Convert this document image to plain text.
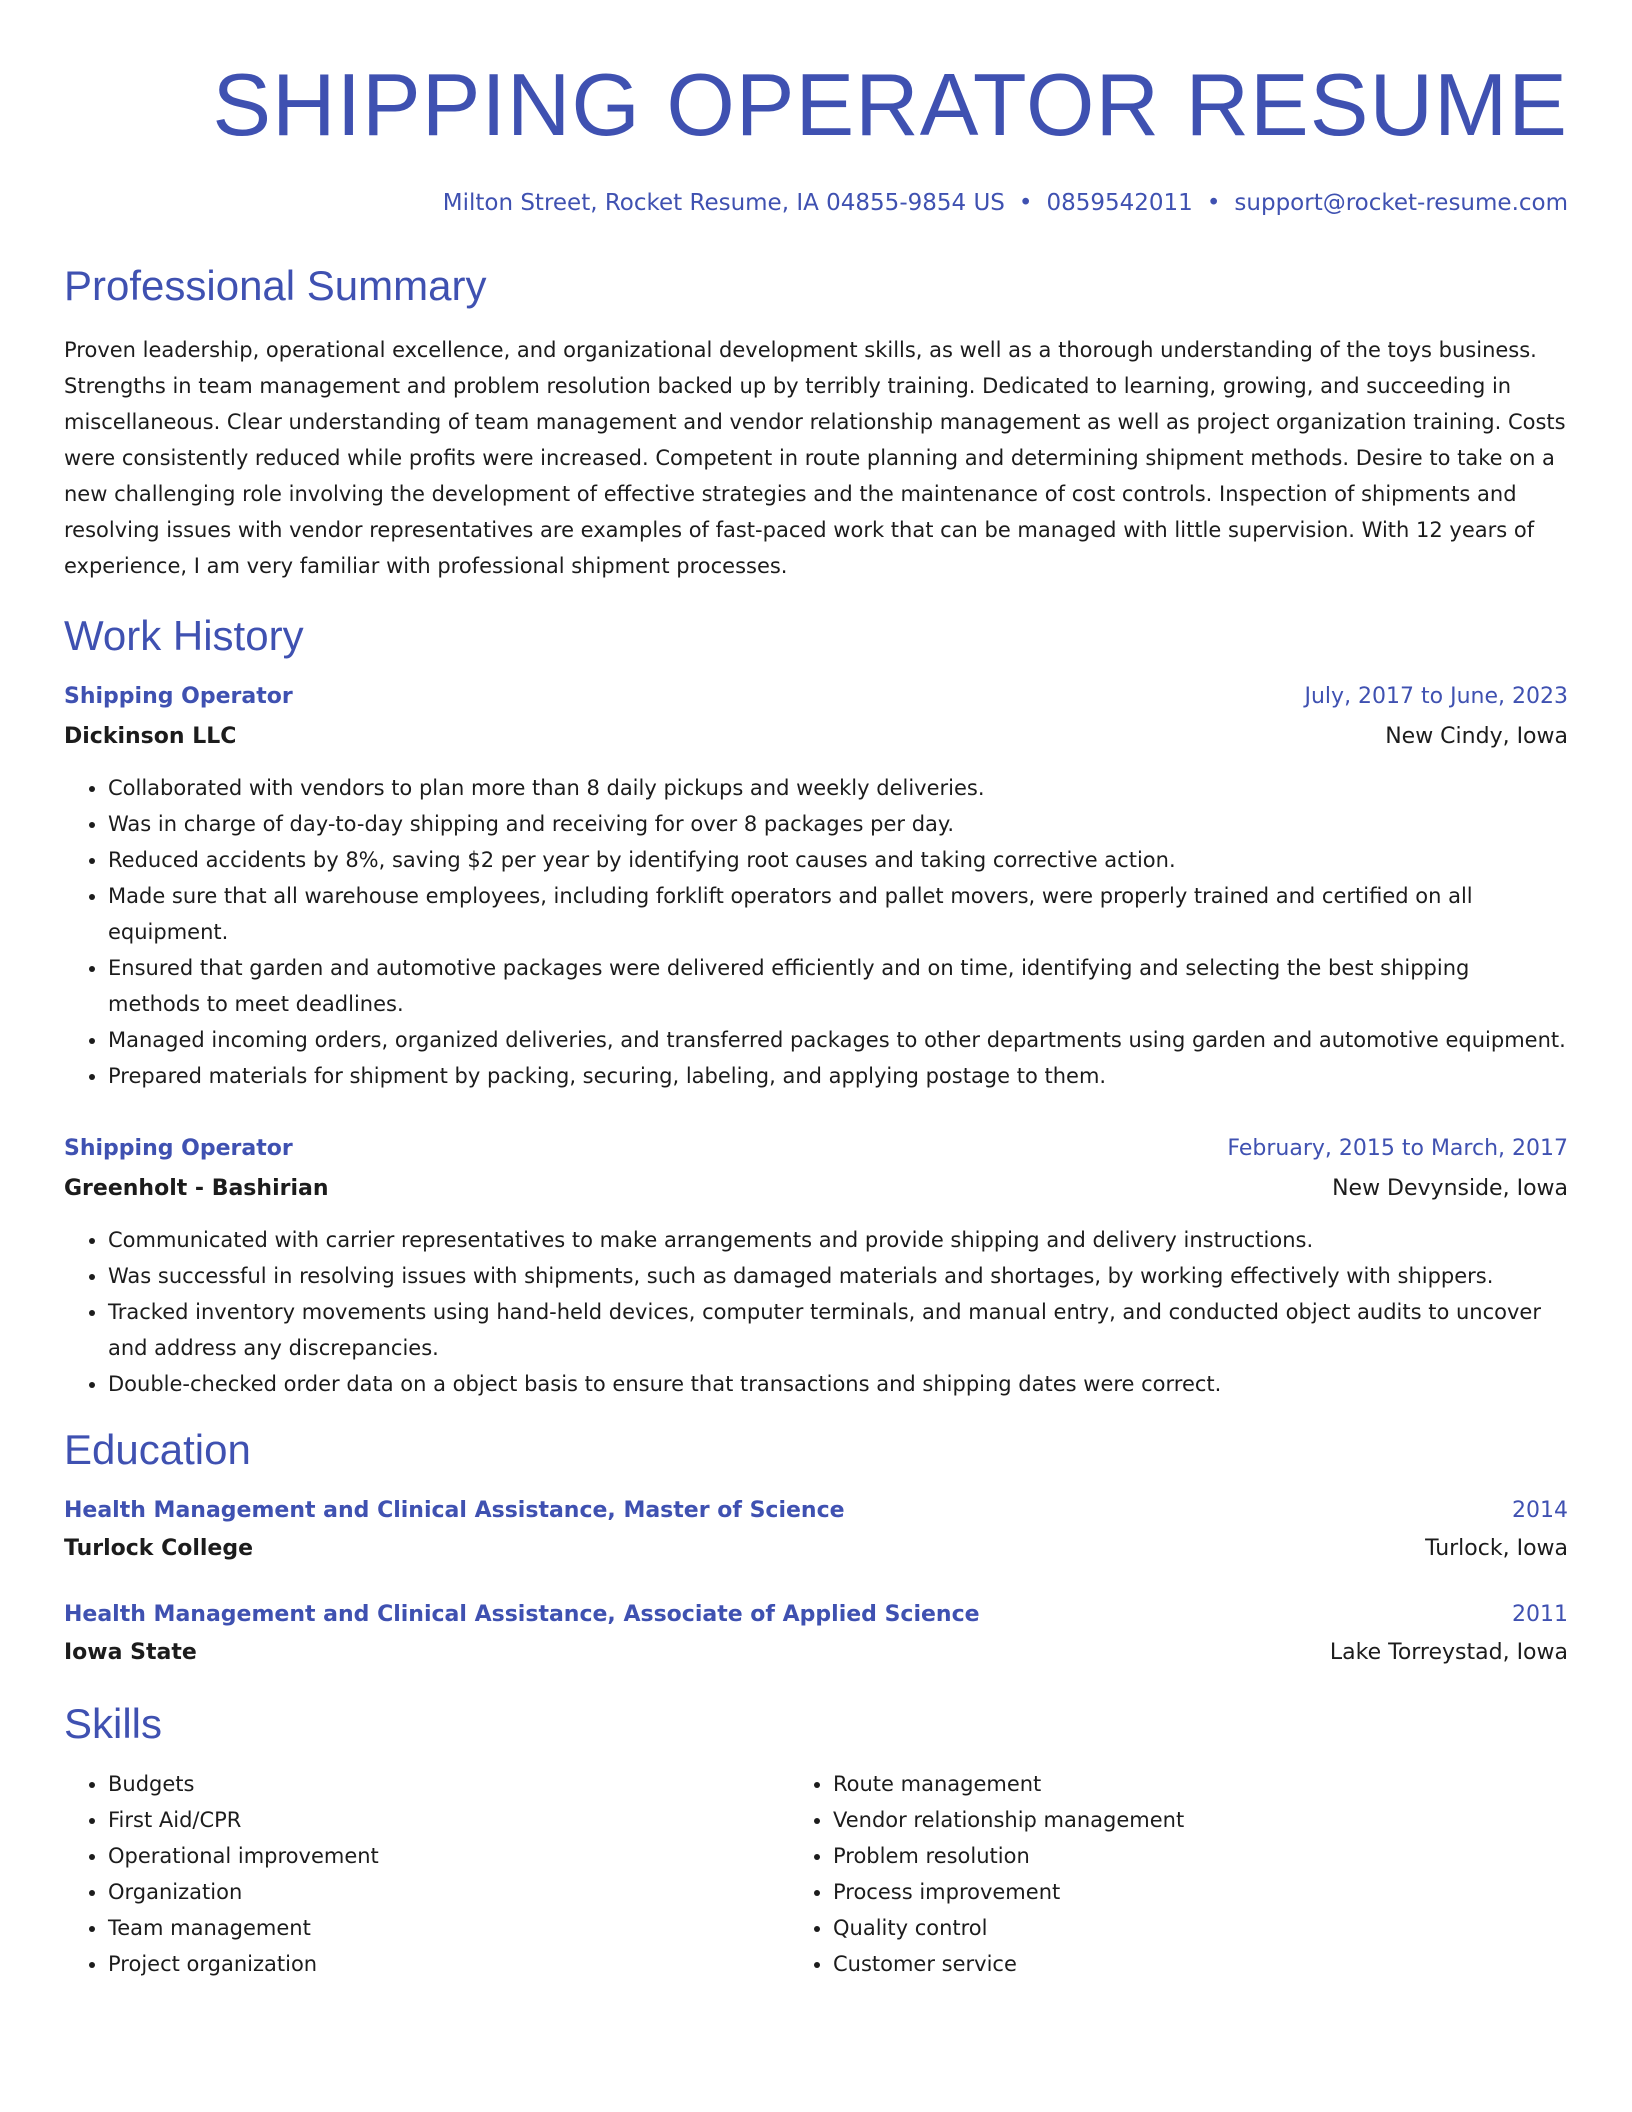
SHIPPING OPERATOR RESUME
Milton Street, Rocket Resume, IA 04855-9854 US • 0859542011 • support@rocket-resume.com
Professional Summary
Proven leadership, operational excellence, and organizational development skills, as well as a thorough understanding of the toys business. Strengths in team management and problem resolution backed up by terribly training. Dedicated to learning, growing, and succeeding in miscellaneous. Clear understanding of team management and vendor relationship management as well as project organization training. Costs were consistently reduced while profits were increased. Competent in route planning and determining shipment methods. Desire to take on a new challenging role involving the development of effective strategies and the maintenance of cost controls. Inspection of shipments and resolving issues with vendor representatives are examples of fast-paced work that can be managed with little supervision. With 12 years of experience, I am very familiar with professional shipment processes.
Work History
Shipping Operator	July, 2017 to June, 2023
Dickinson LLC	New Cindy, Iowa
• Collaborated with vendors to plan more than 8 daily pickups and weekly deliveries.
• Was in charge of day-to-day shipping and receiving for over 8 packages per day.
• Reduced accidents by 8%, saving $2 per year by identifying root causes and taking corrective action.
• Made sure that all warehouse employees, including forklift operators and pallet movers, were properly trained and certified on all equipment.
• Ensured that garden and automotive packages were delivered efficiently and on time, identifying and selecting the best shipping methods to meet deadlines.
• Managed incoming orders, organized deliveries, and transferred packages to other departments using garden and automotive equipment.
• Prepared materials for shipment by packing, securing, labeling, and applying postage to them.
Shipping Operator	February, 2015 to March, 2017
Greenholt - Bashirian	New Devynside, Iowa
• Communicated with carrier representatives to make arrangements and provide shipping and delivery instructions.
• Was successful in resolving issues with shipments, such as damaged materials and shortages, by working effectively with shippers.
• Tracked inventory movements using hand-held devices, computer terminals, and manual entry, and conducted object audits to uncover and address any discrepancies.
• Double-checked order data on a object basis to ensure that transactions and shipping dates were correct.
Education
Health Management and Clinical Assistance, Master of Science	2014
Turlock College	Turlock, Iowa
Health Management and Clinical Assistance, Associate of Applied Science	2011
Iowa State	Lake Torreystad, Iowa
Skills
• Budgets
• First Aid/CPR
• Operational improvement
• Organization
• Team management
• Project organization
• Route management
• Vendor relationship management
• Problem resolution
• Process improvement
• Quality control
• Customer service
